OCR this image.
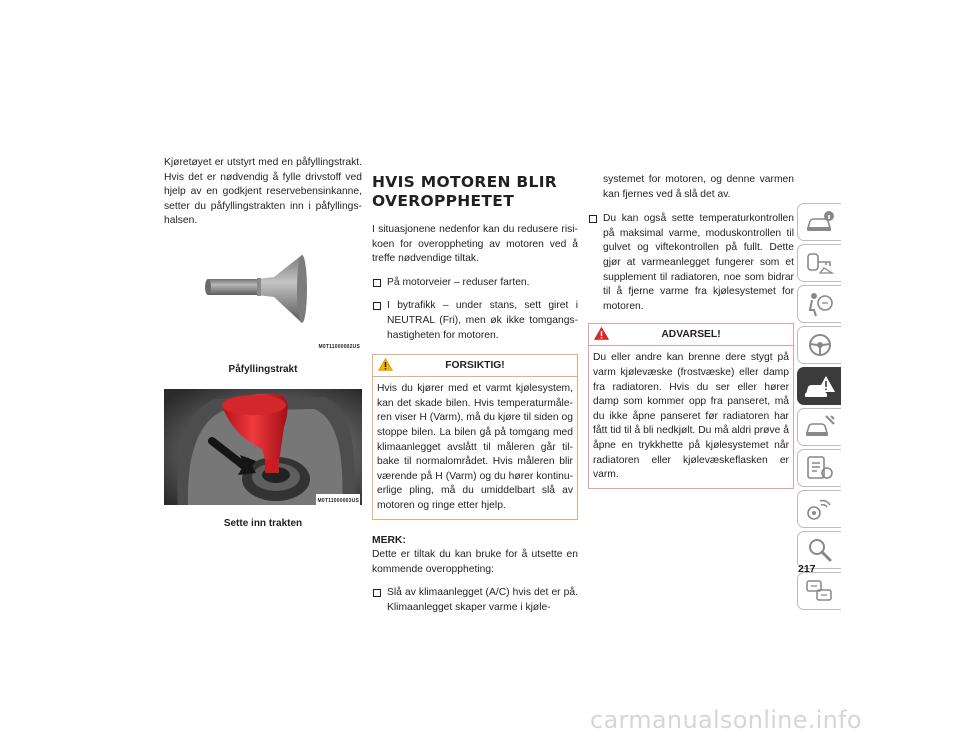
Kjøretøyet er utstyrt med en påfyllingstrakt. Hvis det er nødvendig å fylle drivstoff ved hjelp av en godkjent reservebensinkanne, setter du påfyllingstrakten inn i påfyllings-halsen.

M0T11000002US
Påfyllingstrakt
M0T11000003US
Sette inn trakten
HVIS MOTOREN BLIR
OVEROPPHETET

I situasjonene nedenfor kan du redusere risi-koen for overoppheting av motoren ved å treffe nødvendige tiltak.

På motorveier – reduser farten.
I bytrafikk – under stans, sett giret i NEUTRAL (Fri), men øk ikke tomgangs-hastigheten for motoren.
FORSIKTIG!
Hvis du kjører med et varmt kjølesystem, kan det skade bilen. Hvis temperaturmåle-ren viser H (Varm), må du kjøre til siden og stoppe bilen. La bilen gå på tomgang med klimaanlegget avslått til måleren går til-bake til normalområdet. Hvis måleren blir værende på H (Varm) og du hører kontinu-erlige pling, må du umiddelbart slå av motoren og ringe etter hjelp.
MERK:

Dette er tiltak du kan bruke for å utsette en kommende overoppheting:

Slå av klimaanlegget (A/C) hvis det er på. Klimaanlegget skaper varme i kjøle-
systemet for motoren, og denne varmen kan fjernes ved å slå det av.
Du kan også sette temperaturkontrollen på maksimal varme, moduskontrollen til gulvet og viftekontrollen på fullt. Dette gjør at varmeanlegget fungerer som et supplement til radiatoren, noe som bidrar til å fjerne varme fra kjølesystemet for motoren.
ADVARSEL!
Du eller andre kan brenne dere stygt på varm kjølevæske (frostvæske) eller damp fra radiatoren. Hvis du ser eller hører damp som kommer opp fra panseret, må du ikke åpne panseret før radiatoren har fått tid til å bli nedkjølt. Du må aldri prøve å åpne en trykkhette på kjølesystemet når radiatoren eller kjølevæskeflasken er varm.
217
carmanualsonline.info
